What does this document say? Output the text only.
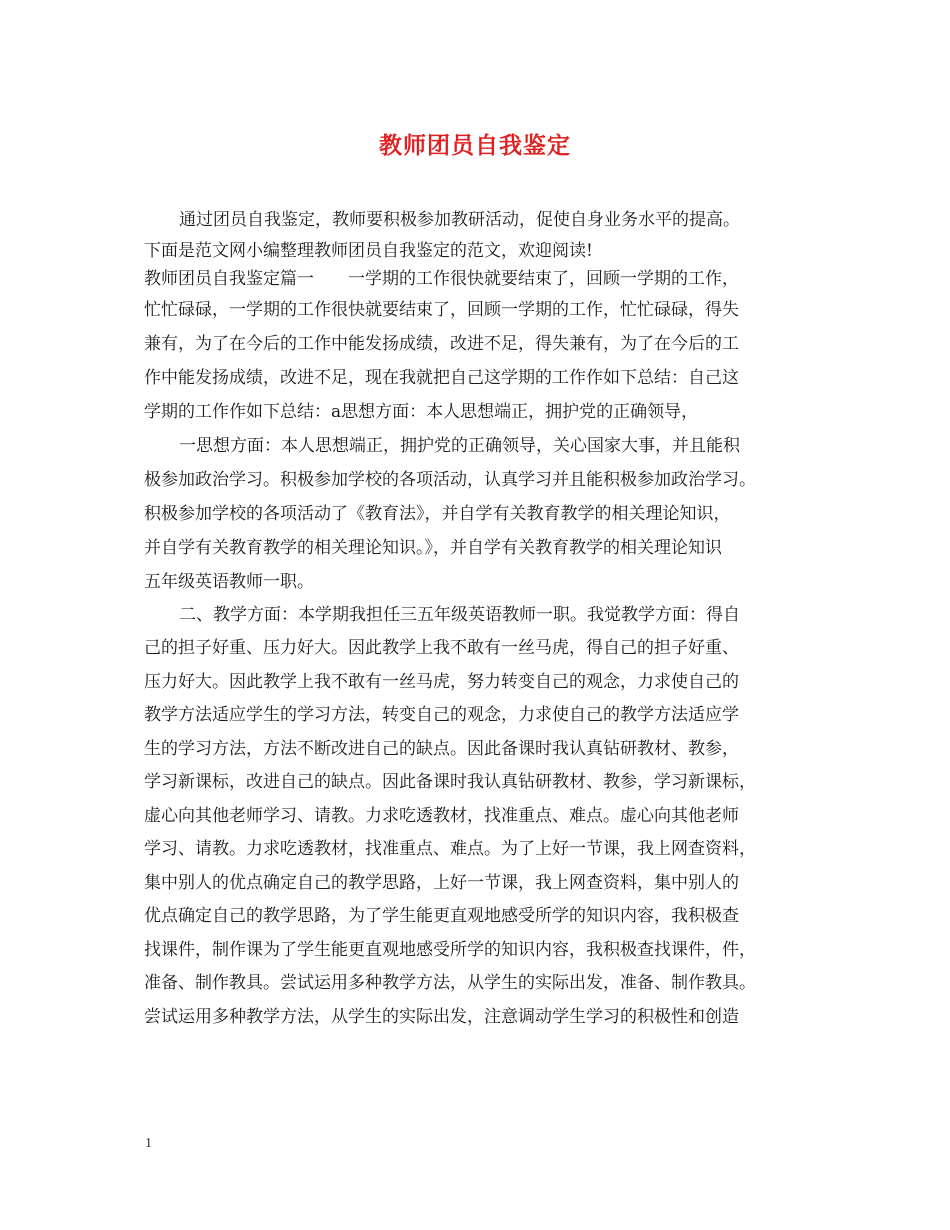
教师团员自我鉴定
通过团员自我鉴定，教师要积极参加教研活动，促使自身业务水平的提高。
下面是范文网小编整理教师团员自我鉴定的范文，欢迎阅读!
教师团员自我鉴定篇一　　一学期的工作很快就要结束了，回顾一学期的工作，
忙忙碌碌，一学期的工作很快就要结束了，回顾一学期的工作，忙忙碌碌，得失
兼有，为了在今后的工作中能发扬成绩，改进不足，得失兼有，为了在今后的工
作中能发扬成绩，改进不足，现在我就把自己这学期的工作作如下总结：自己这
学期的工作作如下总结：a思想方面：本人思想端正，拥护党的正确领导，
一思想方面：本人思想端正，拥护党的正确领导，关心国家大事，并且能积
极参加政治学习。积极参加学校的各项活动，认真学习并且能积极参加政治学习。
积极参加学校的各项活动了《教育法》，并自学有关教育教学的相关理论知识，
并自学有关教育教学的相关理论知识。》，并自学有关教育教学的相关理论知识
五年级英语教师一职。
二、教学方面：本学期我担任三五年级英语教师一职。我觉教学方面：得自
己的担子好重、压力好大。因此教学上我不敢有一丝马虎，得自己的担子好重、
压力好大。因此教学上我不敢有一丝马虎，努力转变自己的观念，力求使自己的
教学方法适应学生的学习方法，转变自己的观念，力求使自己的教学方法适应学
生的学习方法，方法不断改进自己的缺点。因此备课时我认真钻研教材、教参，
学习新课标，改进自己的缺点。因此备课时我认真钻研教材、教参，学习新课标，
虚心向其他老师学习、请教。力求吃透教材，找准重点、难点。虚心向其他老师
学习、请教。力求吃透教材，找准重点、难点。为了上好一节课，我上网查资料，
集中别人的优点确定自己的教学思路，上好一节课，我上网查资料，集中别人的
优点确定自己的教学思路，为了学生能更直观地感受所学的知识内容，我积极查
找课件，制作课为了学生能更直观地感受所学的知识内容，我积极查找课件，件，
准备、制作教具。尝试运用多种教学方法，从学生的实际出发，准备、制作教具。
尝试运用多种教学方法，从学生的实际出发，注意调动学生学习的积极性和创造
1
